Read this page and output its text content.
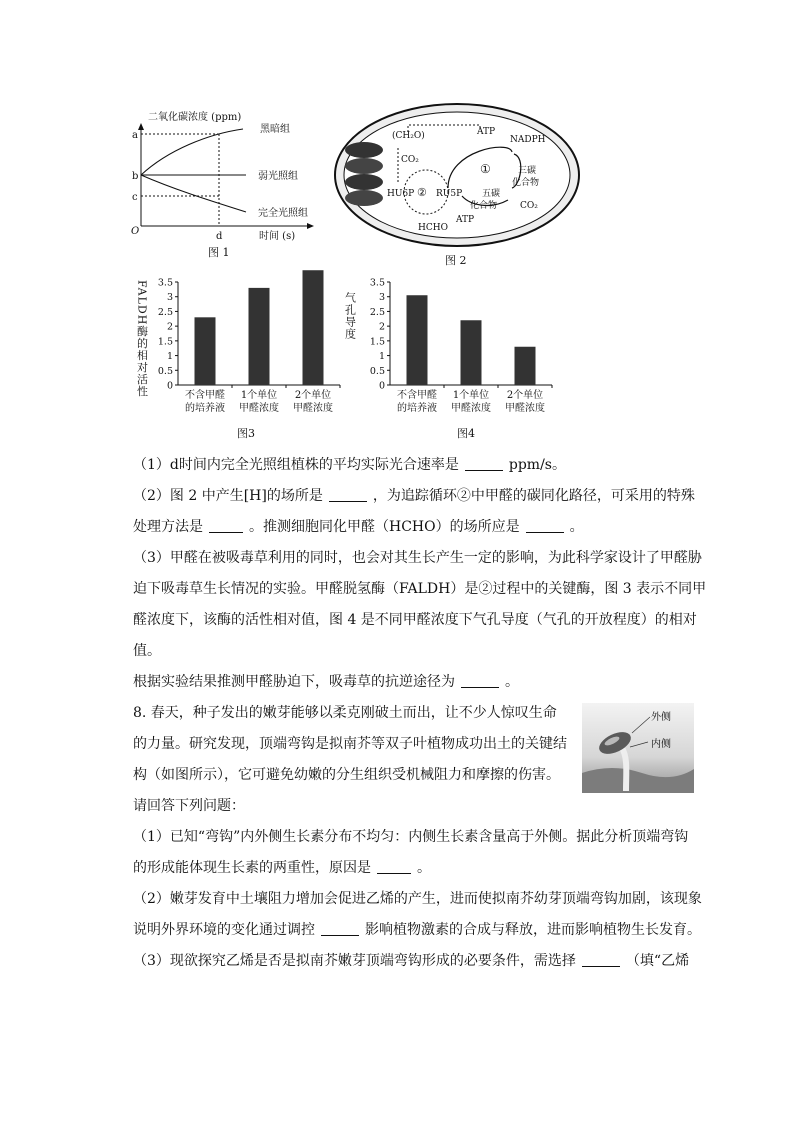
二氧化碳浓度 (ppm)
O
a
b
c
黑暗组
弱光照组
完全光照组
d	时间 (s)
图 1
(CH₂O)	ATP
NADPH
CO₂
①	三碳
化合物
HU6P ② RU5P 五碳
化合物	CO₂
ATP
HCHO
图 2
FALDH酶的相对活性 0
0.5
1
1.5
2
2.5
3
3.5
不含甲醛
的培养液
1个单位
甲醛浓度
2个单位
甲醛浓度
图3
气孔导度
0
0.5
1
1.5
2
2.5
3
3.5
不含甲醛
的培养液
1个单位
甲醛浓度
2个单位
甲醛浓度
图4
（1）d时间内完全光照组植株的平均实际光合速率是	ppm/s。
（2）图 2 中产生[H]的场所是	，为追踪循环②中甲醛的碳同化路径，可采用的特殊
处理方法是	。推测细胞同化甲醛（HCHO）的场所应是	。
（3）甲醛在被吸毒草利用的同时，也会对其生长产生一定的影响，为此科学家设计了甲醛胁
迫下吸毒草生长情况的实验。甲醛脱氢酶（FALDH）是②过程中的关键酶，图 3 表示不同甲
醛浓度下，该酶的活性相对值，图 4 是不同甲醛浓度下气孔导度（气孔的开放程度）的相对
值。
根据实验结果推测甲醛胁迫下，吸毒草的抗逆途径为	。
8. 春天，种子发出的嫩芽能够以柔克刚破土而出，让不少人惊叹生命
的力量。研究发现，顶端弯钩是拟南芥等双子叶植物成功出土的关键结
构（如图所示），它可避免幼嫩的分生组织受机械阻力和摩擦的伤害。
请回答下列问题：
外侧
内侧
（1）已知“弯钩”内外侧生长素分布不均匀：内侧生长素含量高于外侧。据此分析顶端弯钩
的形成能体现生长素的两重性，原因是	。
（2）嫩芽发育中土壤阻力增加会促进乙烯的产生，进而使拟南芥幼芽顶端弯钩加剧，该现象
说明外界环境的变化通过调控	影响植物激素的合成与释放，进而影响植物生长发育。
（3）现欲探究乙烯是否是拟南芥嫩芽顶端弯钩形成的必要条件，需选择	（填“乙烯
